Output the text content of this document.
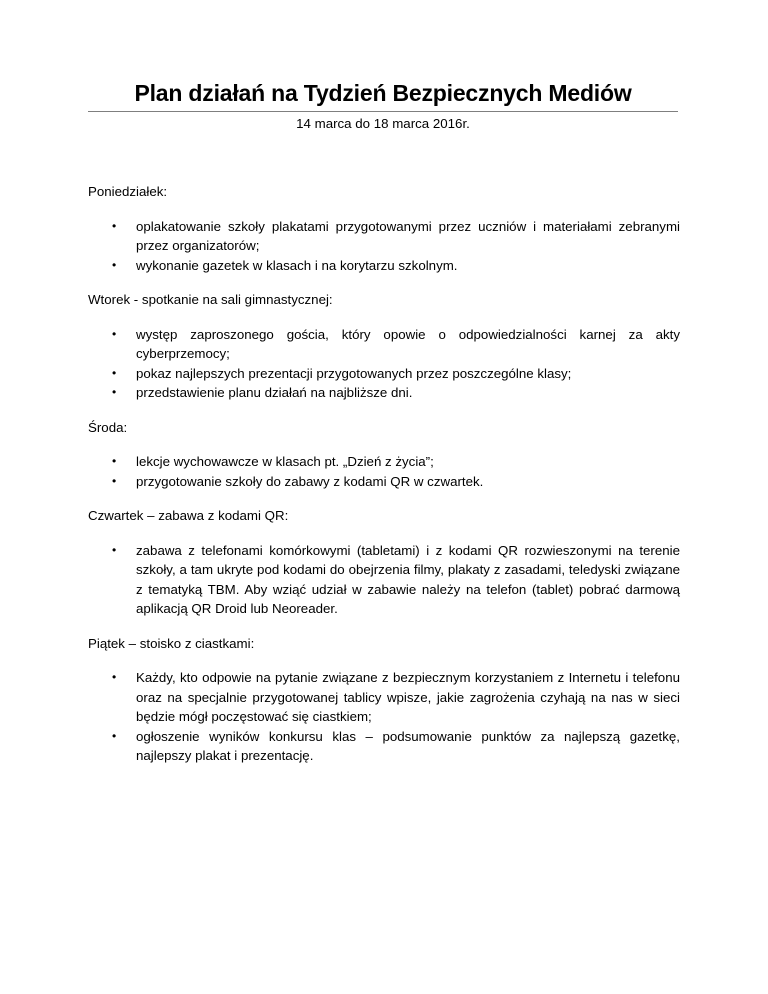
Plan działań na Tydzień Bezpiecznych Mediów
14 marca do 18 marca 2016r.

Poniedziałek:

• oplakatowanie szkoły plakatami przygotowanymi przez uczniów i materiałami zebranymi przez organizatorów;
• wykonanie gazetek w klasach i na korytarzu szkolnym.

Wtorek - spotkanie na sali gimnastycznej:

• występ zaproszonego gościa, który opowie o odpowiedzialności karnej za akty cyberprzemocy;
• pokaz najlepszych prezentacji przygotowanych przez poszczególne klasy;
• przedstawienie planu działań na najbliższe dni.

Środa:

• lekcje wychowawcze w klasach pt. „Dzień z życia”;
• przygotowanie szkoły do zabawy z kodami QR w czwartek.

Czwartek – zabawa z kodami QR:

• zabawa z telefonami komórkowymi (tabletami) i z kodami QR rozwieszonymi na terenie szkoły, a tam ukryte pod kodami do obejrzenia filmy, plakaty z zasadami, teledyski związane z tematyką TBM. Aby wziąć udział w zabawie należy na telefon (tablet) pobrać darmową aplikacją QR Droid lub Neoreader.

Piątek – stoisko z ciastkami:

• Każdy, kto odpowie na pytanie związane z bezpiecznym korzystaniem z Internetu i telefonu oraz na specjalnie przygotowanej tablicy wpisze, jakie zagrożenia czyhają na nas w sieci będzie mógł poczęstować się ciastkiem;
• ogłoszenie wyników konkursu klas – podsumowanie punktów za najlepszą gazetkę, najlepszy plakat i prezentację.
